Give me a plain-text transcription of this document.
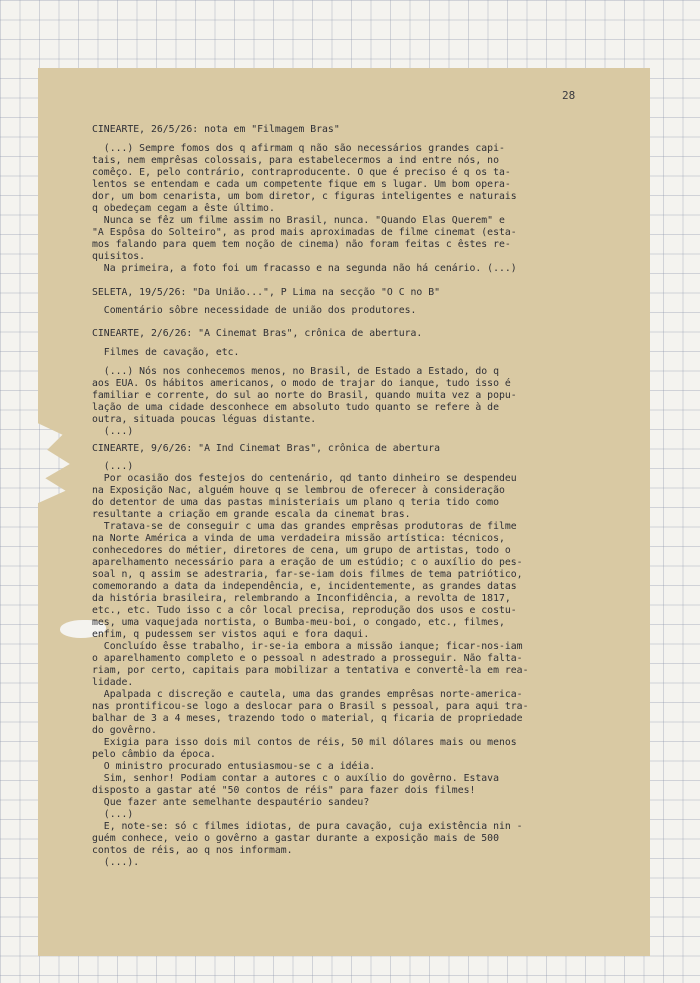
28
CINEARTE, 26/5/26: nota em "Filmagem Bras"
(...) Sempre fomos dos q afirmam q não são necessários grandes capi-
tais, nem emprêsas colossais, para estabelecermos a ind entre nós, no
comêço. E, pelo contrário, contraproducente. O que é preciso é q os ta-
lentos se entendam e cada um competente fique em s lugar. Um bom opera-
dor, um bom cenarista, um bom diretor, c figuras inteligentes e naturais
q obedeçam cegam a êste último.
Nunca se fêz um filme assim no Brasil, nunca. "Quando Elas Querem" e
"A Espôsa do Solteiro", as prod mais aproximadas de filme cinemat (esta-
mos falando para quem tem noção de cinema) não foram feitas c êstes re-
quisitos.
Na primeira, a foto foi um fracasso e na segunda não há cenário. (...)
SELETA, 19/5/26: "Da União...", P Lima na secção "O C no B"
Comentário sôbre necessidade de união dos produtores.
CINEARTE, 2/6/26: "A Cinemat Bras", crônica de abertura.
Filmes de cavação, etc.
(...) Nós nos conhecemos menos, no Brasil, de Estado a Estado, do q
aos EUA. Os hábitos americanos, o modo de trajar do ianque, tudo isso é
familiar e corrente, do sul ao norte do Brasil, quando muita vez a popu-
lação de uma cidade desconhece em absoluto tudo quanto se refere à de
outra, situada poucas léguas distante.
(...)
CINEARTE, 9/6/26: "A Ind Cinemat Bras", crônica de abertura
(...)
Por ocasião dos festejos do centenário, qd tanto dinheiro se despendeu
na Exposição Nac, alguém houve q se lembrou de oferecer à consideração
do detentor de uma das pastas ministeriais um plano q teria tido como
resultante a criação em grande escala da cinemat bras.
Tratava-se de conseguir c uma das grandes emprêsas produtoras de filme
na Norte América a vinda de uma verdadeira missão artística: técnicos,
conhecedores do métier, diretores de cena, um grupo de artistas, todo o
aparelhamento necessário para a eração de um estúdio; c o auxílio do pes-
soal n, q assim se adestraria, far-se-iam dois filmes de tema patriótico,
comemorando a data da independência, e, incidentemente, as grandes datas
da história brasileira, relembrando a Inconfidência, a revolta de 1817,
etc., etc. Tudo isso c a côr local precisa, reprodução dos usos e costu-
mes, uma vaquejada nortista, o Bumba-meu-boi, o congado, etc., filmes,
enfim, q pudessem ser vistos aqui e fora daqui.
Concluído êsse trabalho, ir-se-ia embora a missão ianque; ficar-nos-iam
o aparelhamento completo e o pessoal n adestrado a prosseguir. Não falta-
riam, por certo, capitais para mobilizar a tentativa e convertê-la em rea-
lidade.
Apalpada c discreção e cautela, uma das grandes emprêsas norte-america-
nas prontificou-se logo a deslocar para o Brasil s pessoal, para aqui tra-
balhar de 3 a 4 meses, trazendo todo o material, q ficaria de propriedade
do govêrno.
Exigia para isso dois mil contos de réis, 50 mil dólares mais ou menos
pelo câmbio da época.
O ministro procurado entusiasmou-se c a idéia.
Sim, senhor! Podiam contar a autores c o auxílio do govêrno. Estava
disposto a gastar até "50 contos de réis" para fazer dois filmes!
Que fazer ante semelhante despautério sandeu?
(...)
E, note-se: só c filmes idiotas, de pura cavação, cuja existência nin -
guém conhece, veio o govêrno a gastar durante a exposição mais de 500
contos de réis, ao q nos informam.
(...).
